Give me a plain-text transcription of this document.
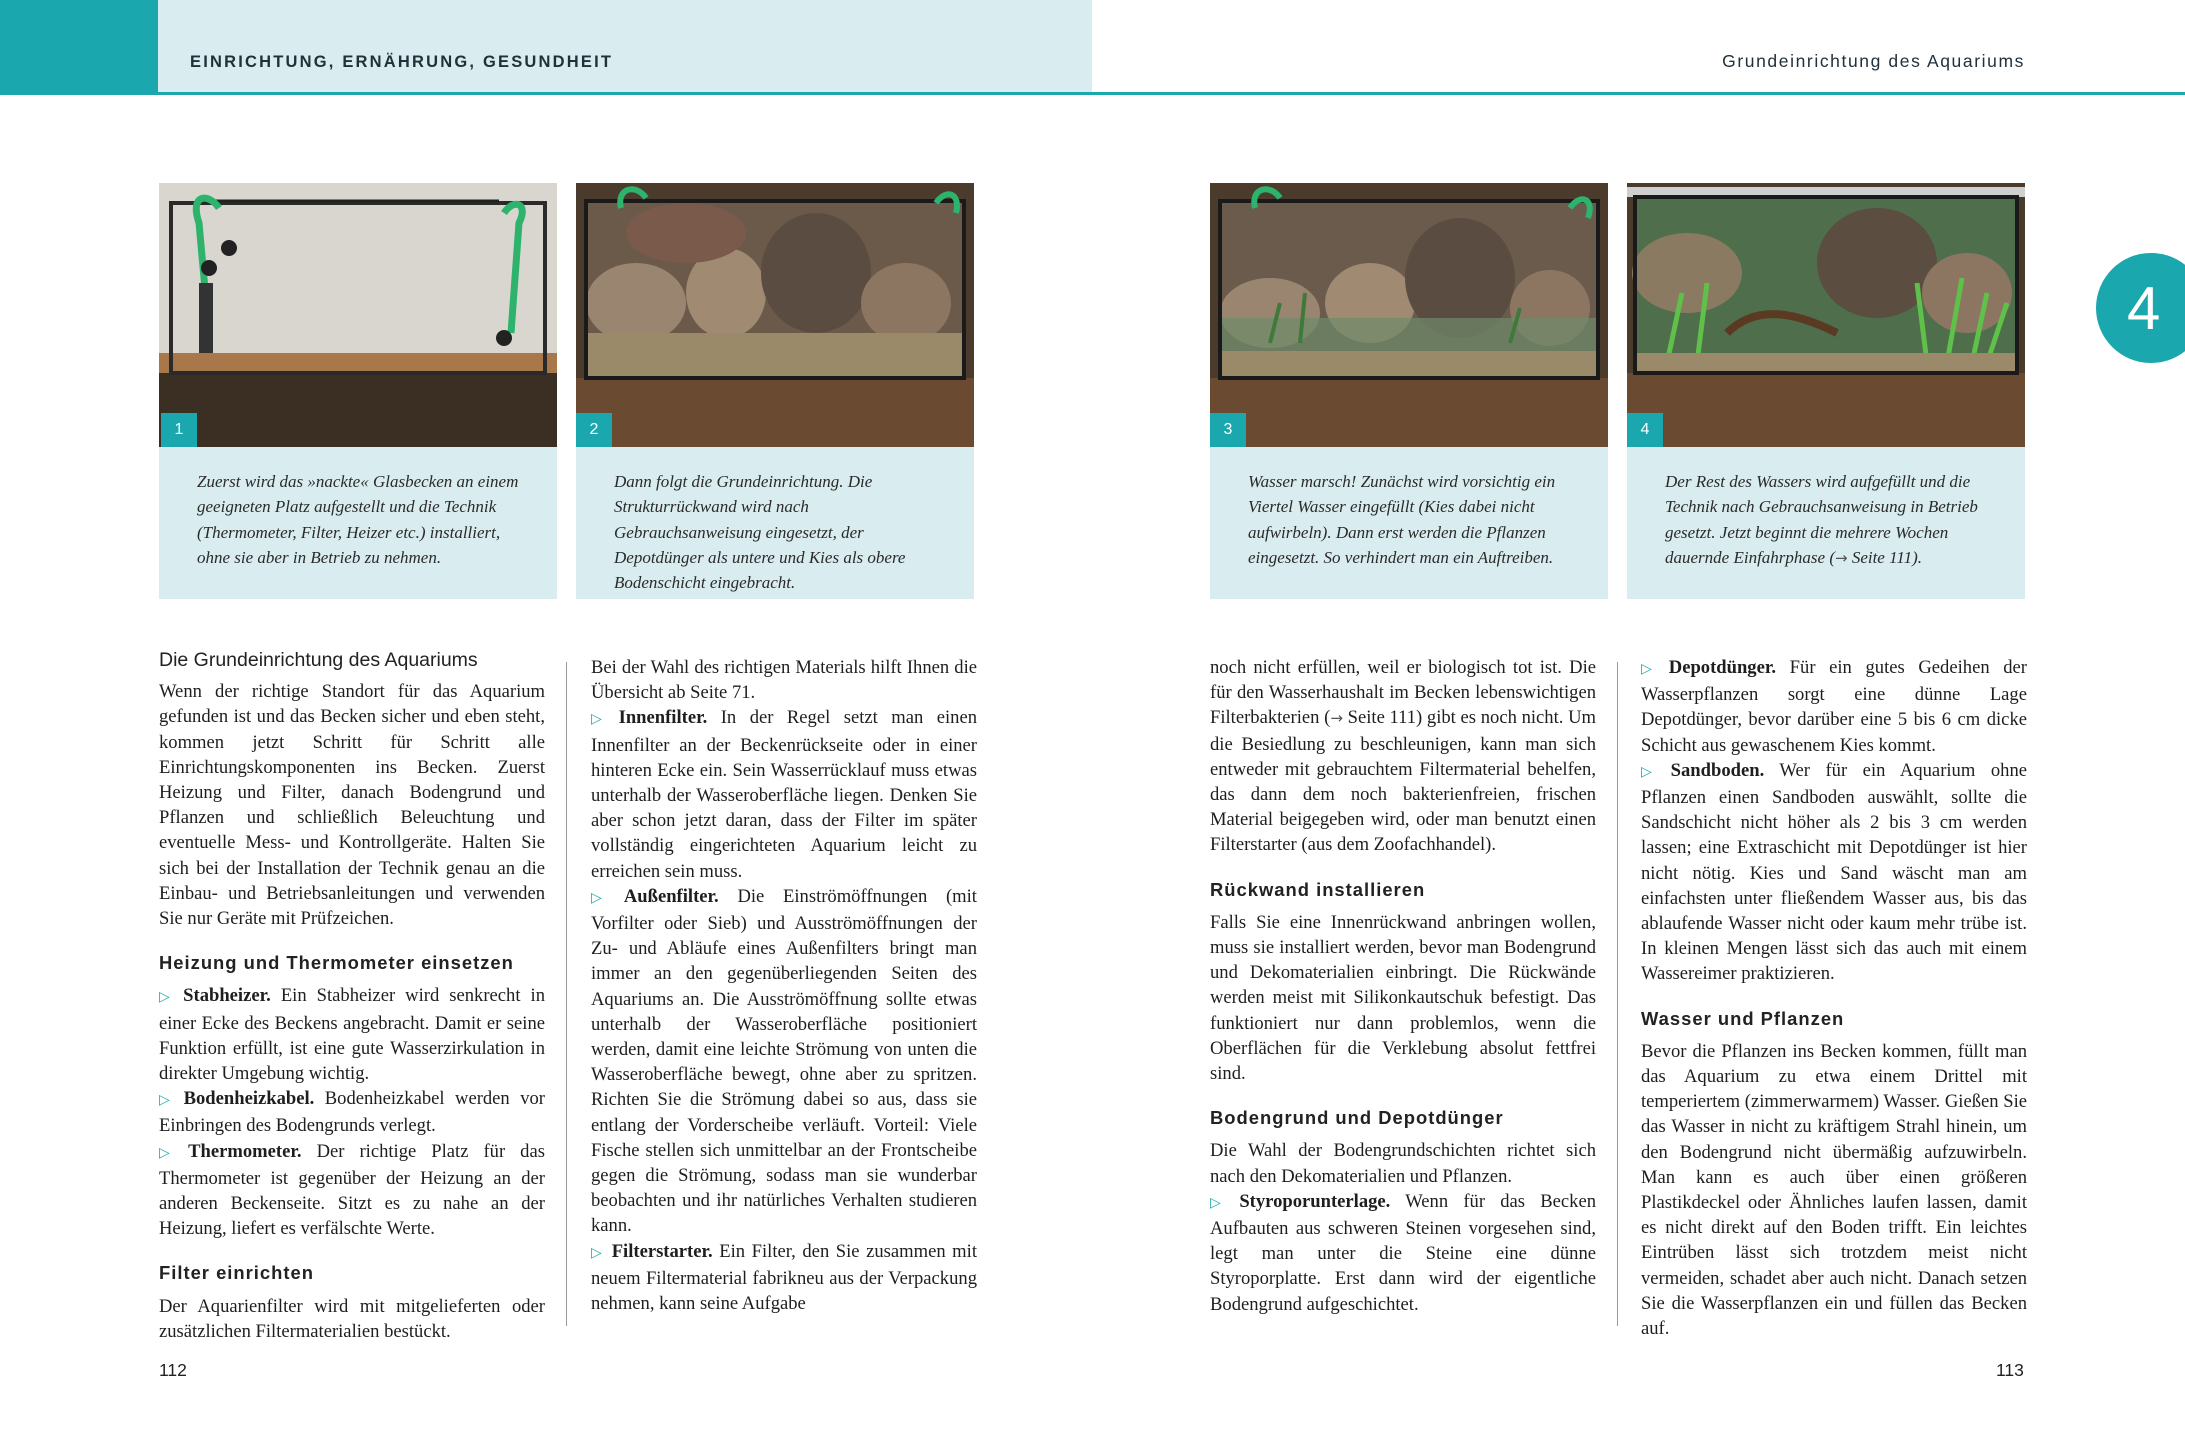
EINRICHTUNG, ERNÄHRUNG, GESUNDHEIT	Grundeinrichtung des Aquariums
4
1
Zuerst wird das »nackte« Glasbecken an einem geeigneten Platz aufgestellt und die Technik (Thermometer, Filter, Heizer etc.) installiert, ohne sie aber in Betrieb zu nehmen.
2
Dann folgt die Grundeinrichtung. Die Strukturrückwand wird nach Gebrauchsanweisung eingesetzt, der Depotdünger als untere und Kies als obere Bodenschicht eingebracht.
3
Wasser marsch! Zunächst wird vorsichtig ein Viertel Wasser eingefüllt (Kies dabei nicht aufwirbeln). Dann erst werden die Pflanzen eingesetzt. So verhindert man ein Auftreiben.
4
Der Rest des Wassers wird aufgefüllt und die Technik nach Gebrauchsanweisung in Betrieb gesetzt. Jetzt beginnt die mehrere Wochen dauernde Einfahrphase (→ Seite 111).
Die Grundeinrichtung des Aquariums

Wenn der richtige Standort für das Aquarium gefunden ist und das Becken sicher und eben steht, kommen jetzt Schritt für Schritt alle Einrichtungskomponenten ins Becken. Zuerst Heizung und Filter, danach Bodengrund und Pflanzen und schließlich Beleuchtung und eventuelle Mess- und Kontrollgeräte. Halten Sie sich bei der Installation der Technik genau an die Einbau- und Betriebsanleitungen und verwenden Sie nur Geräte mit Prüfzeichen.

Heizung und Thermometer einsetzen

▷ Stabheizer. Ein Stabheizer wird senkrecht in einer Ecke des Beckens angebracht. Damit er seine Funktion erfüllt, ist eine gute Wasserzirkulation in direkter Umgebung wichtig.

▷ Bodenheizkabel. Bodenheizkabel werden vor Einbringen des Bodengrunds verlegt.

▷ Thermometer. Der richtige Platz für das Thermometer ist gegenüber der Heizung an der anderen Beckenseite. Sitzt es zu nahe an der Heizung, liefert es verfälschte Werte.

Filter einrichten

Der Aquarienfilter wird mit mitgelieferten oder zusätzlichen Filtermaterialien bestückt.

Bei der Wahl des richtigen Materials hilft Ihnen die Übersicht ab Seite 71.

▷ Innenfilter. In der Regel setzt man einen Innenfilter an der Beckenrückseite oder in einer hinteren Ecke ein. Sein Wasserrücklauf muss etwas unterhalb der Wasseroberfläche liegen. Denken Sie aber schon jetzt daran, dass der Filter im später vollständig eingerichteten Aquarium leicht zu erreichen sein muss.

▷ Außenfilter. Die Einströmöffnungen (mit Vorfilter oder Sieb) und Ausströmöffnungen der Zu- und Abläufe eines Außenfilters bringt man immer an den gegenüberliegenden Seiten des Aquariums an. Die Ausströmöffnung sollte etwas unterhalb der Wasseroberfläche positioniert werden, damit eine leichte Strömung von unten die Wasseroberfläche bewegt, ohne aber zu spritzen. Richten Sie die Strömung dabei so aus, dass sie entlang der Vorderscheibe verläuft. Vorteil: Viele Fische stellen sich unmittelbar an der Frontscheibe gegen die Strömung, sodass man sie wunderbar beobachten und ihr natürliches Verhalten studieren kann.

▷ Filterstarter. Ein Filter, den Sie zusammen mit neuem Filtermaterial fabrikneu aus der Verpackung nehmen, kann seine Aufgabe

noch nicht erfüllen, weil er biologisch tot ist. Die für den Wasserhaushalt im Becken lebenswichtigen Filterbakterien (→ Seite 111) gibt es noch nicht. Um die Besiedlung zu beschleunigen, kann man sich entweder mit gebrauchtem Filtermaterial behelfen, das dann dem noch bakterienfreien, frischen Material beigegeben wird, oder man benutzt einen Filterstarter (aus dem Zoofachhandel).

Rückwand installieren

Falls Sie eine Innenrückwand anbringen wollen, muss sie installiert werden, bevor man Bodengrund und Dekomaterialien einbringt. Die Rückwände werden meist mit Silikonkautschuk befestigt. Das funktioniert nur dann problemlos, wenn die Oberflächen für die Verklebung absolut fettfrei sind.

Bodengrund und Depotdünger

Die Wahl der Bodengrundschichten richtet sich nach den Dekomaterialien und Pflanzen.

▷ Styroporunterlage. Wenn für das Becken Aufbauten aus schweren Steinen vorgesehen sind, legt man unter die Steine eine dünne Styroporplatte. Erst dann wird der eigentliche Bodengrund aufgeschichtet.

▷ Depotdünger. Für ein gutes Gedeihen der Wasserpflanzen sorgt eine dünne Lage Depotdünger, bevor darüber eine 5 bis 6 cm dicke Schicht aus gewaschenem Kies kommt.

▷ Sandboden. Wer für ein Aquarium ohne Pflanzen einen Sandboden auswählt, sollte die Sandschicht nicht höher als 2 bis 3 cm werden lassen; eine Extraschicht mit Depotdünger ist hier nicht nötig. Kies und Sand wäscht man am einfachsten unter fließendem Wasser aus, bis das ablaufende Wasser nicht oder kaum mehr trübe ist. In kleinen Mengen lässt sich das auch mit einem Wassereimer praktizieren.

Wasser und Pflanzen

Bevor die Pflanzen ins Becken kommen, füllt man das Aquarium zu etwa einem Drittel mit temperiertem (zimmerwarmem) Wasser. Gießen Sie das Wasser in nicht zu kräftigem Strahl hinein, um den Bodengrund nicht übermäßig aufzuwirbeln. Man kann es auch über einen größeren Plastikdeckel oder Ähnliches laufen lassen, damit es nicht direkt auf den Boden trifft. Ein leichtes Eintrüben lässt sich trotzdem meist nicht vermeiden, schadet aber auch nicht. Danach setzen Sie die Wasserpflanzen ein und füllen das Becken auf.

112	113
